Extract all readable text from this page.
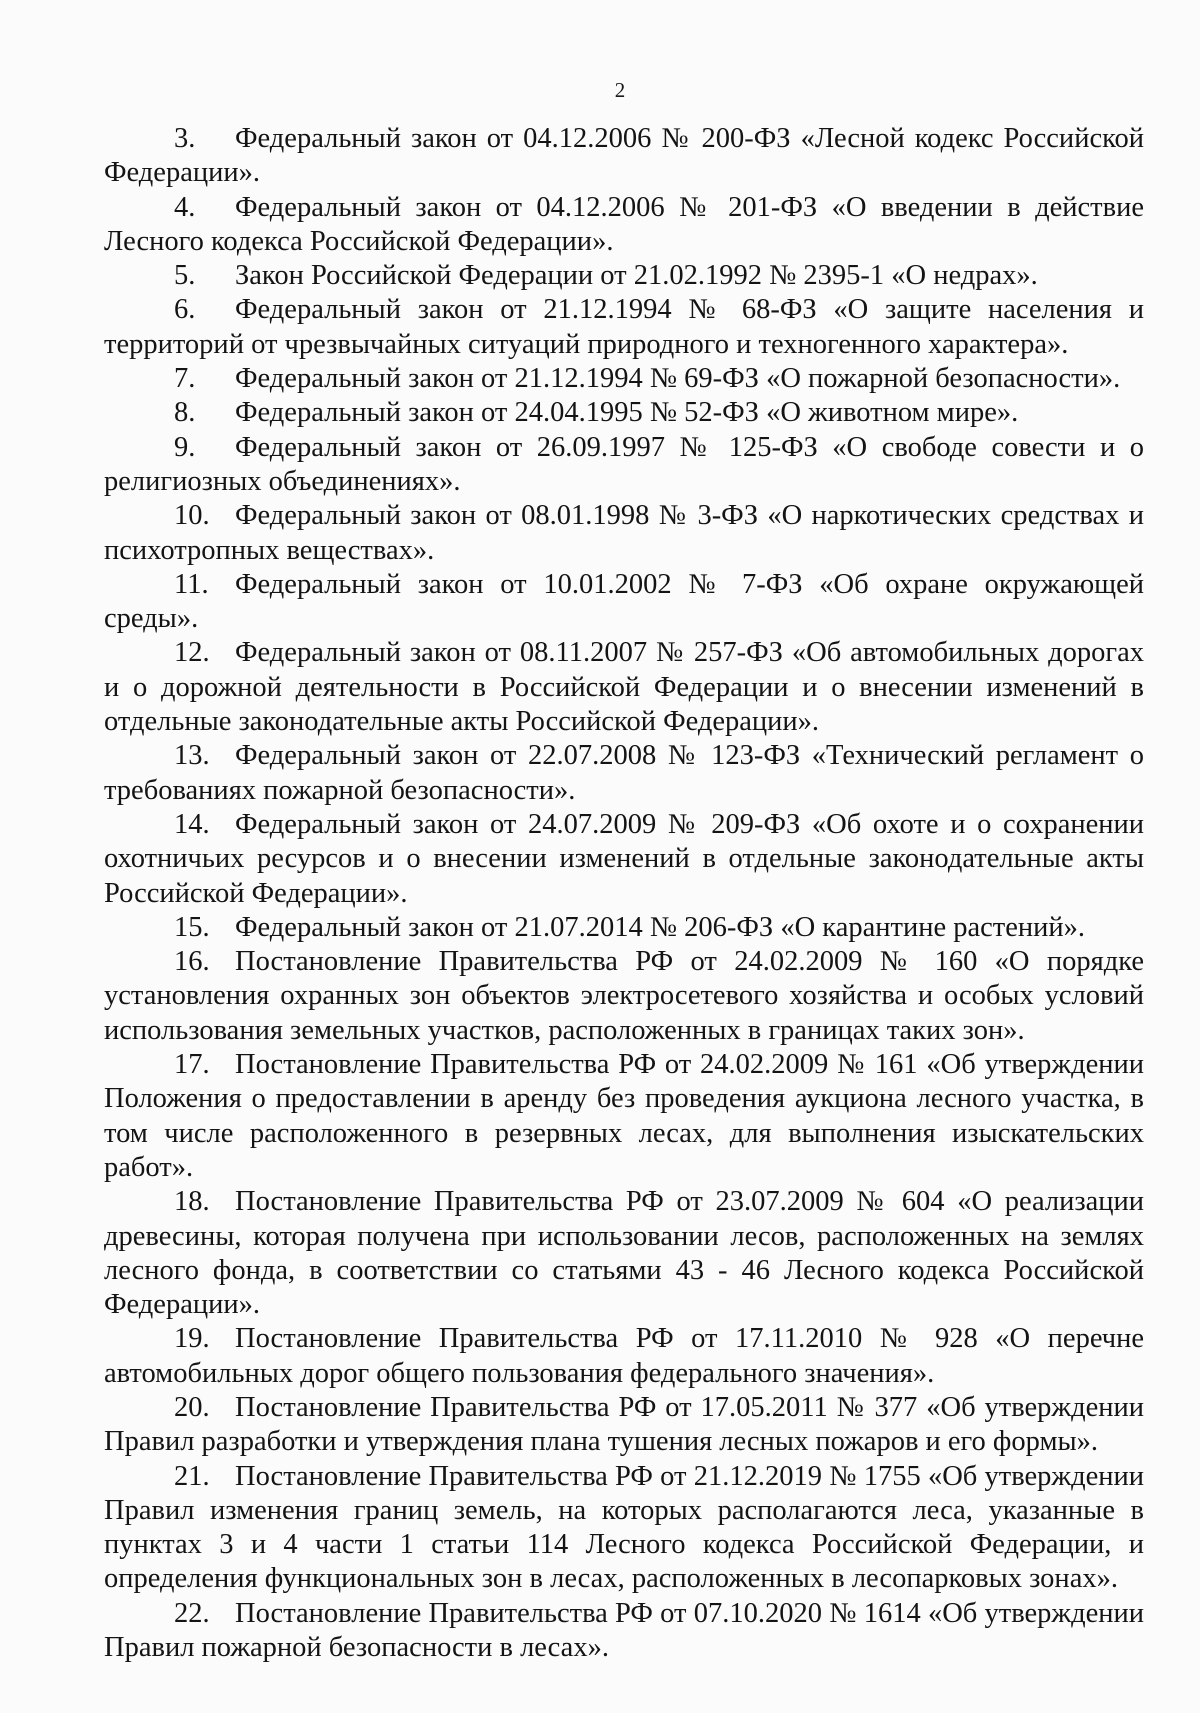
2

3. Федеральный закон от 04.12.2006 № 200-ФЗ «Лесной кодекс Российской Федерации».

4. Федеральный закон от 04.12.2006 № 201-ФЗ «О введении в действие Лесного кодекса Российской Федерации».

5. Закон Российской Федерации от 21.02.1992 № 2395-1 «О недрах».

6. Федеральный закон от 21.12.1994 № 68-ФЗ «О защите населения и территорий от чрезвычайных ситуаций природного и техногенного характера».

7. Федеральный закон от 21.12.1994 № 69-ФЗ «О пожарной безопасности».

8. Федеральный закон от 24.04.1995 № 52-ФЗ «О животном мире».

9. Федеральный закон от 26.09.1997 № 125-ФЗ «О свободе совести и о религиозных объединениях».

10. Федеральный закон от 08.01.1998 № 3-ФЗ «О наркотических средствах и психотропных веществах».

11. Федеральный закон от 10.01.2002 № 7-ФЗ «Об охране окружающей среды».

12. Федеральный закон от 08.11.2007 № 257-ФЗ «Об автомобильных дорогах и о дорожной деятельности в Российской Федерации и о внесении изменений в отдельные законодательные акты Российской Федерации».

13. Федеральный закон от 22.07.2008 № 123-ФЗ «Технический регламент о требованиях пожарной безопасности».

14. Федеральный закон от 24.07.2009 № 209-ФЗ «Об охоте и о сохранении охотничьих ресурсов и о внесении изменений в отдельные законодательные акты Российской Федерации».

15. Федеральный закон от 21.07.2014 № 206-ФЗ «О карантине растений».

16. Постановление Правительства РФ от 24.02.2009 № 160 «О порядке установления охранных зон объектов электросетевого хозяйства и особых условий использования земельных участков, расположенных в границах таких зон».

17. Постановление Правительства РФ от 24.02.2009 № 161 «Об утверждении Положения о предоставлении в аренду без проведения аукциона лесного участка, в том числе расположенного в резервных лесах, для выполнения изыскательских работ».

18. Постановление Правительства РФ от 23.07.2009 № 604 «О реализации древесины, которая получена при использовании лесов, расположенных на землях лесного фонда, в соответствии со статьями 43 - 46 Лесного кодекса Российской Федерации».

19. Постановление Правительства РФ от 17.11.2010 № 928 «О перечне автомобильных дорог общего пользования федерального значения».

20. Постановление Правительства РФ от 17.05.2011 № 377 «Об утверждении Правил разработки и утверждения плана тушения лесных пожаров и его формы».

21. Постановление Правительства РФ от 21.12.2019 № 1755 «Об утверждении Правил изменения границ земель, на которых располагаются леса, указанные в пунктах 3 и 4 части 1 статьи 114 Лесного кодекса Российской Федерации, и определения функциональных зон в лесах, расположенных в лесопарковых зонах».

22. Постановление Правительства РФ от 07.10.2020 № 1614 «Об утверждении Правил пожарной безопасности в лесах».
